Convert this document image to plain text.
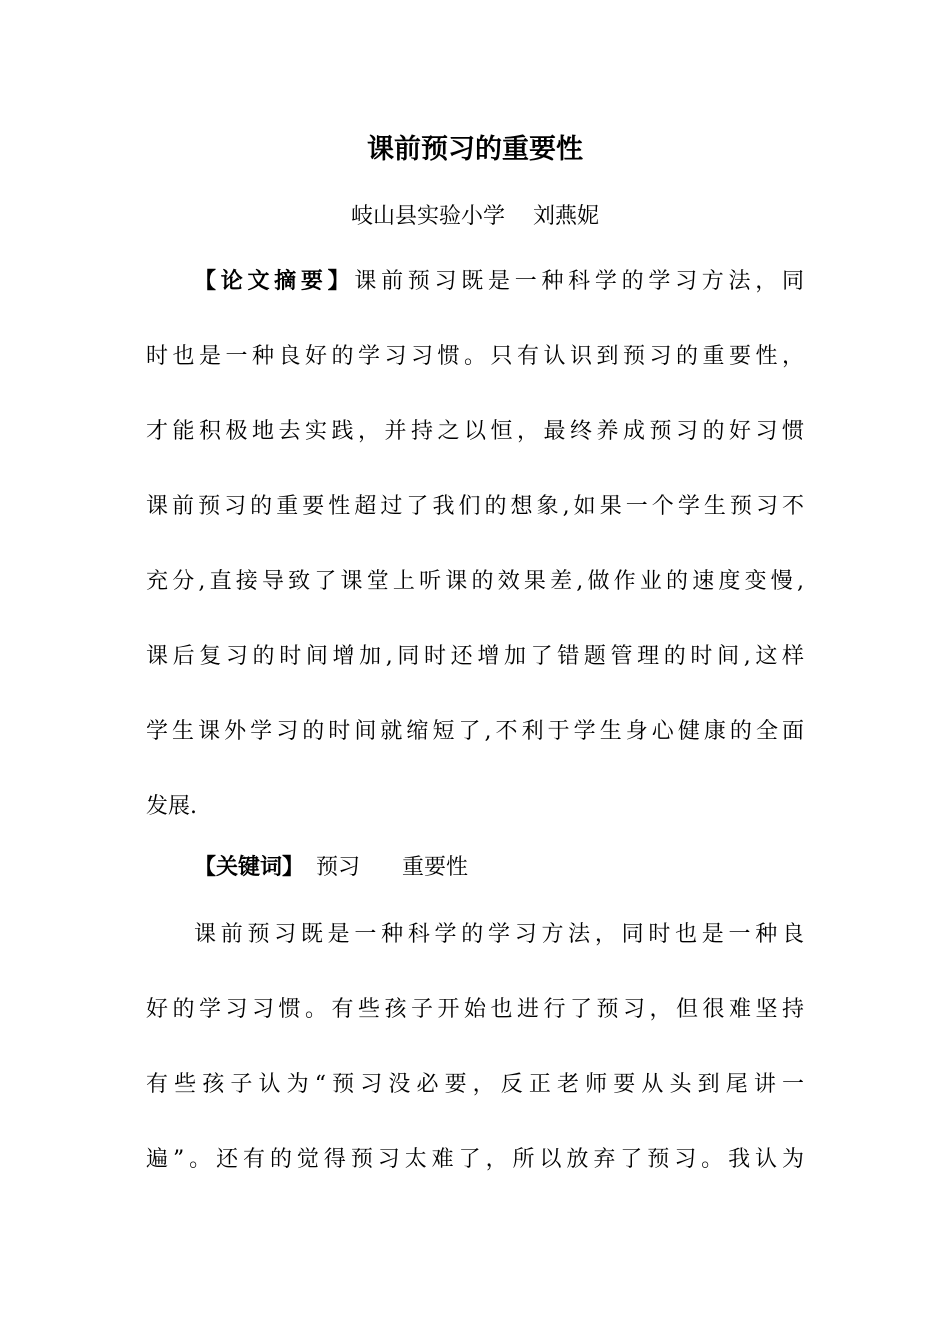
课前预习的重要性
岐山县实验小学 刘燕妮
【论文摘要】课前预习既是一种科学的学习方法，同
时也是一种良好的学习习惯。只有认识到预习的重要性，
才能积极地去实践，并持之以恒，最终养成预习的好习惯
课前预习的重要性超过了我们的想象,如果一个学生预习不
充分,直接导致了课堂上听课的效果差,做作业的速度变慢,
课后复习的时间增加,同时还增加了错题管理的时间,这样
学生课外学习的时间就缩短了,不利于学生身心健康的全面
发展.
【关键词】 预习 重要性
课前预习既是一种科学的学习方法，同时也是一种良
好的学习习惯。有些孩子开始也进行了预习，但很难坚持
有些孩子认为“预习没必要，反正老师要从头到尾讲一
遍”。还有的觉得预习太难了，所以放弃了预习。我认为
